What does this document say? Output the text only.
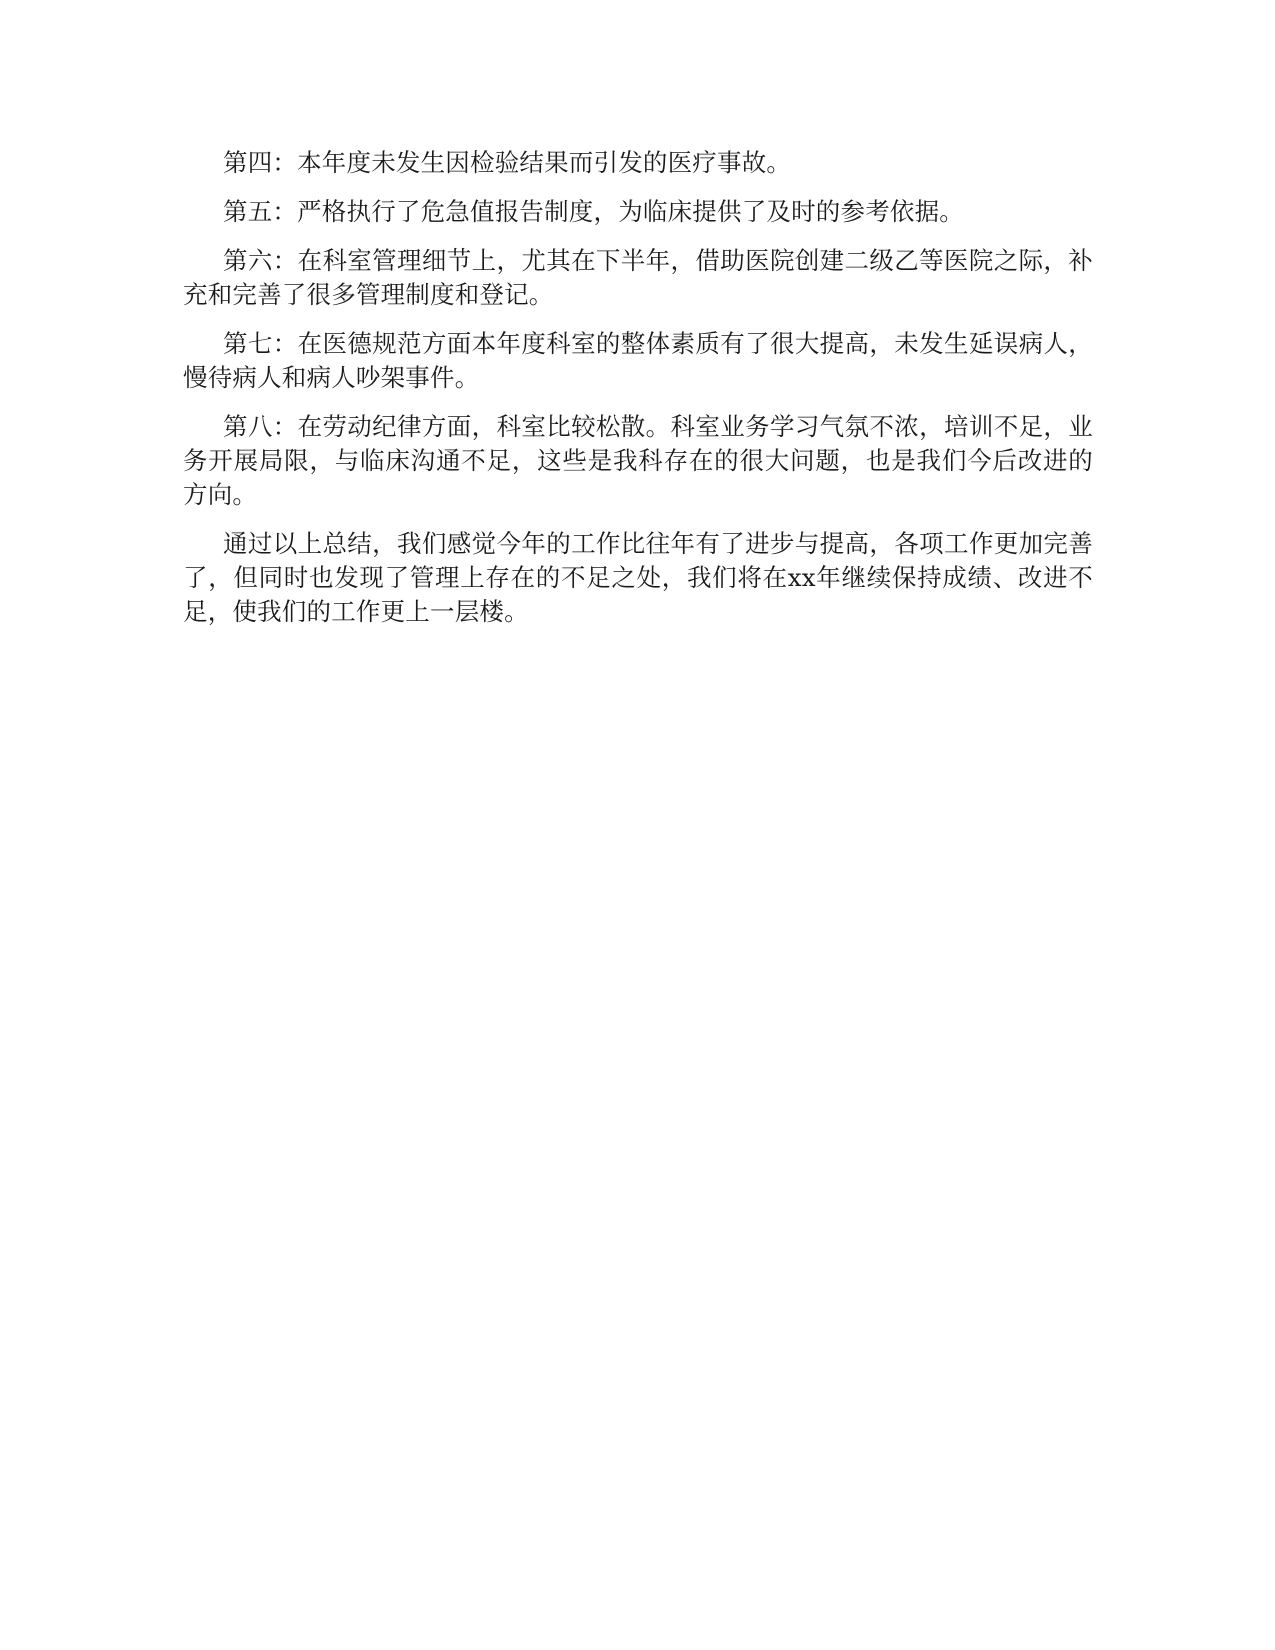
第四：本年度未发生因检验结果而引发的医疗事故。

第五：严格执行了危急值报告制度，为临床提供了及时的参考依据。

第六：在科室管理细节上，尤其在下半年，借助医院创建二级乙等医院之际，补充和完善了很多管理制度和登记。

第七：在医德规范方面本年度科室的整体素质有了很大提高，未发生延误病人，慢待病人和病人吵架事件。

第八：在劳动纪律方面，科室比较松散。科室业务学习气氛不浓，培训不足，业务开展局限，与临床沟通不足，这些是我科存在的很大问题，也是我们今后改进的方向。

通过以上总结，我们感觉今年的工作比往年有了进步与提高，各项工作更加完善了，但同时也发现了管理上存在的不足之处，我们将在xx年继续保持成绩、改进不足，使我们的工作更上一层楼。
